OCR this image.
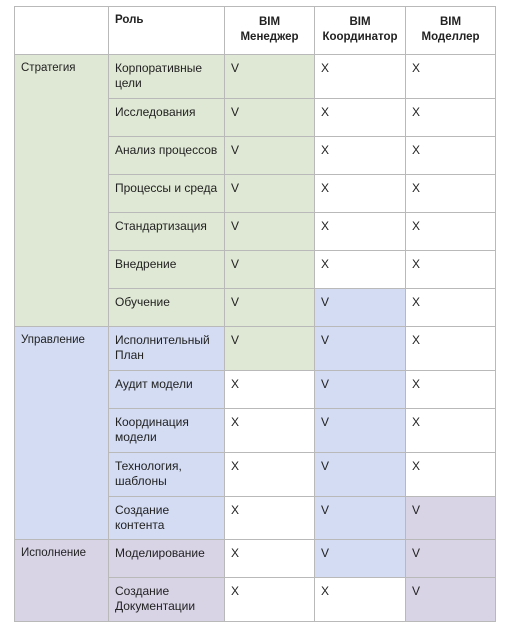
	Роль	BIM Менеджер	BIM Координатор	BIM Моделлер
Стратегия	Корпоративные цели	V	X	X
	Исследования	V	X	X
	Анализ процессов	V	X	X
	Процессы и среда	V	X	X
	Стандартизация	V	X	X
	Внедрение	V	X	X
	Обучение	V	V	X
Управление	Исполнительный План	V	V	X
	Аудит модели	X	V	X
	Координация модели	X	V	X
	Технология, шаблоны	X	V	X
	Создание контента	X	V	V
Исполнение	Моделирование	X	V	V
	Создание Документации	X	X	V
